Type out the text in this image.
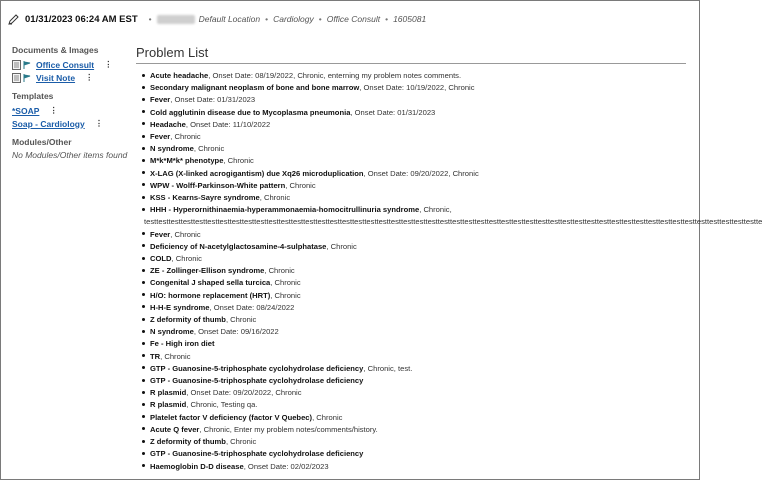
01/31/2023 06:24 AM EST •	Default Location • Cardiology • Office Consult • 1605081
Documents & Images
Office Consult ⋮
Visit Note ⋮
Templates
*SOAP ⋮
Soap - Cardiology ⋮
Modules/Other
No Modules/Other items found
Problem List
Acute headache, Onset Date: 08/19/2022, Chronic, enterning my problem notes comments.
Secondary malignant neoplasm of bone and bone marrow, Onset Date: 10/19/2022, Chronic
Fever, Onset Date: 01/31/2023
Cold agglutinin disease due to Mycoplasma pneumonia, Onset Date: 01/31/2023
Headache, Onset Date: 11/10/2022
Fever, Chronic
N syndrome, Chronic
M*k*M*k* phenotype, Chronic
X-LAG (X-linked acrogigantism) due Xq26 microduplication, Onset Date: 09/20/2022, Chronic
WPW - Wolff-Parkinson-White pattern, Chronic
KSS - Kearns-Sayre syndrome, Chronic
HHH - Hyperornithinaemia-hyperammonaemia-homocitrullinuria syndrome, Chronic,
testtesttesttesttesttesttesttesttesttesttesttesttesttesttesttesttesttesttesttesttesttesttesttesttesttesttesttesttesttesttesttesttesttesttesttesttesttesttesttesttesttesttesttesttesttesttesttesttesttestte
Fever, Chronic
Deficiency of N-acetylglactosamine-4-sulphatase, Chronic
COLD, Chronic
ZE - Zollinger-Ellison syndrome, Chronic
Congenital J shaped sella turcica, Chronic
H/O: hormone replacement (HRT), Chronic
H-H-E syndrome, Onset Date: 08/24/2022
Z deformity of thumb, Chronic
N syndrome, Onset Date: 09/16/2022
Fe - High iron diet
TR, Chronic
GTP - Guanosine-5-triphosphate cyclohydrolase deficiency, Chronic, test.
GTP - Guanosine-5-triphosphate cyclohydrolase deficiency
R plasmid, Onset Date: 09/20/2022, Chronic
R plasmid, Chronic, Testing qa.
Platelet factor V deficiency (factor V Quebec), Chronic
Acute Q fever, Chronic, Enter my problem notes/comments/history.
Z deformity of thumb, Chronic
GTP - Guanosine-5-triphosphate cyclohydrolase deficiency
Haemoglobin D-D disease, Onset Date: 02/02/2023
